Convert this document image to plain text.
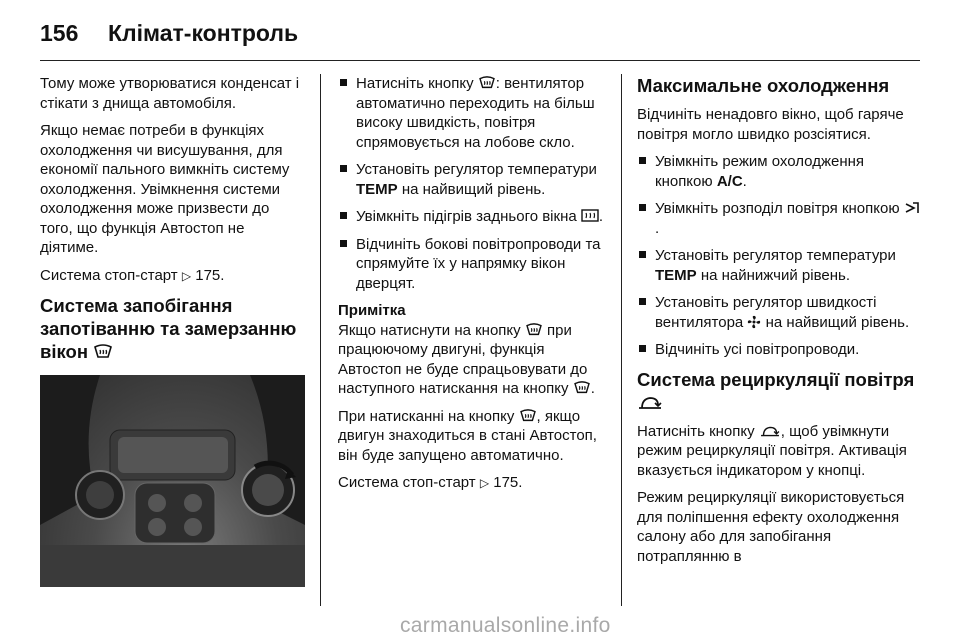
156 Клімат-контроль

Тому може утворюватися конденсат і стікати з днища автомобіля.

Якщо немає потреби в функціях охолодження чи висушування, для економії пального вимкніть систему охолодження. Увімкнення системи охолодження може призвести до того, що функція Автостоп не діятиме.

Система стоп-старт ▷ 175.

Система запобігання запотіванню та замерзанню вікон
Натисніть кнопку : вентилятор автоматично переходить на більш високу швидкість, повітря спрямовується на лобове скло.
Установіть регулятор температури TEMP на найвищий рівень.
Увімкніть підігрів заднього вікна .
Відчиніть бокові повітропроводи та спрямуйте їх у напрямку вікон дверцят.

Примітка

Якщо натиснути на кнопку при працюючому двигуні, функція Автостоп не буде спрацьовувати до наступного натискання на кнопку .

При натисканні на кнопку , якщо двигун знаходиться в стані Автостоп, він буде запущено автоматично.

Система стоп-старт ▷ 175.

Максимальне охолодження

Відчиніть ненадовго вікно, щоб гаряче повітря могло швидко розсіятися.

Увімкніть режим охолодження кнопкою A/C.
Увімкніть розподіл повітря кнопкою .
Установіть регулятор температури TEMP на найнижчий рівень.
Установіть регулятор швидкості вентилятора на найвищий рівень.
Відчиніть усі повітропроводи.
Система рециркуляції повітря

Натисніть кнопку , щоб увімкнути режим рециркуляції повітря. Активація вказується індикатором у кнопці.

Режим рециркуляції використовується для поліпшення ефекту охолодження салону або для запобігання потраплянню в

carmanualsonline.info
